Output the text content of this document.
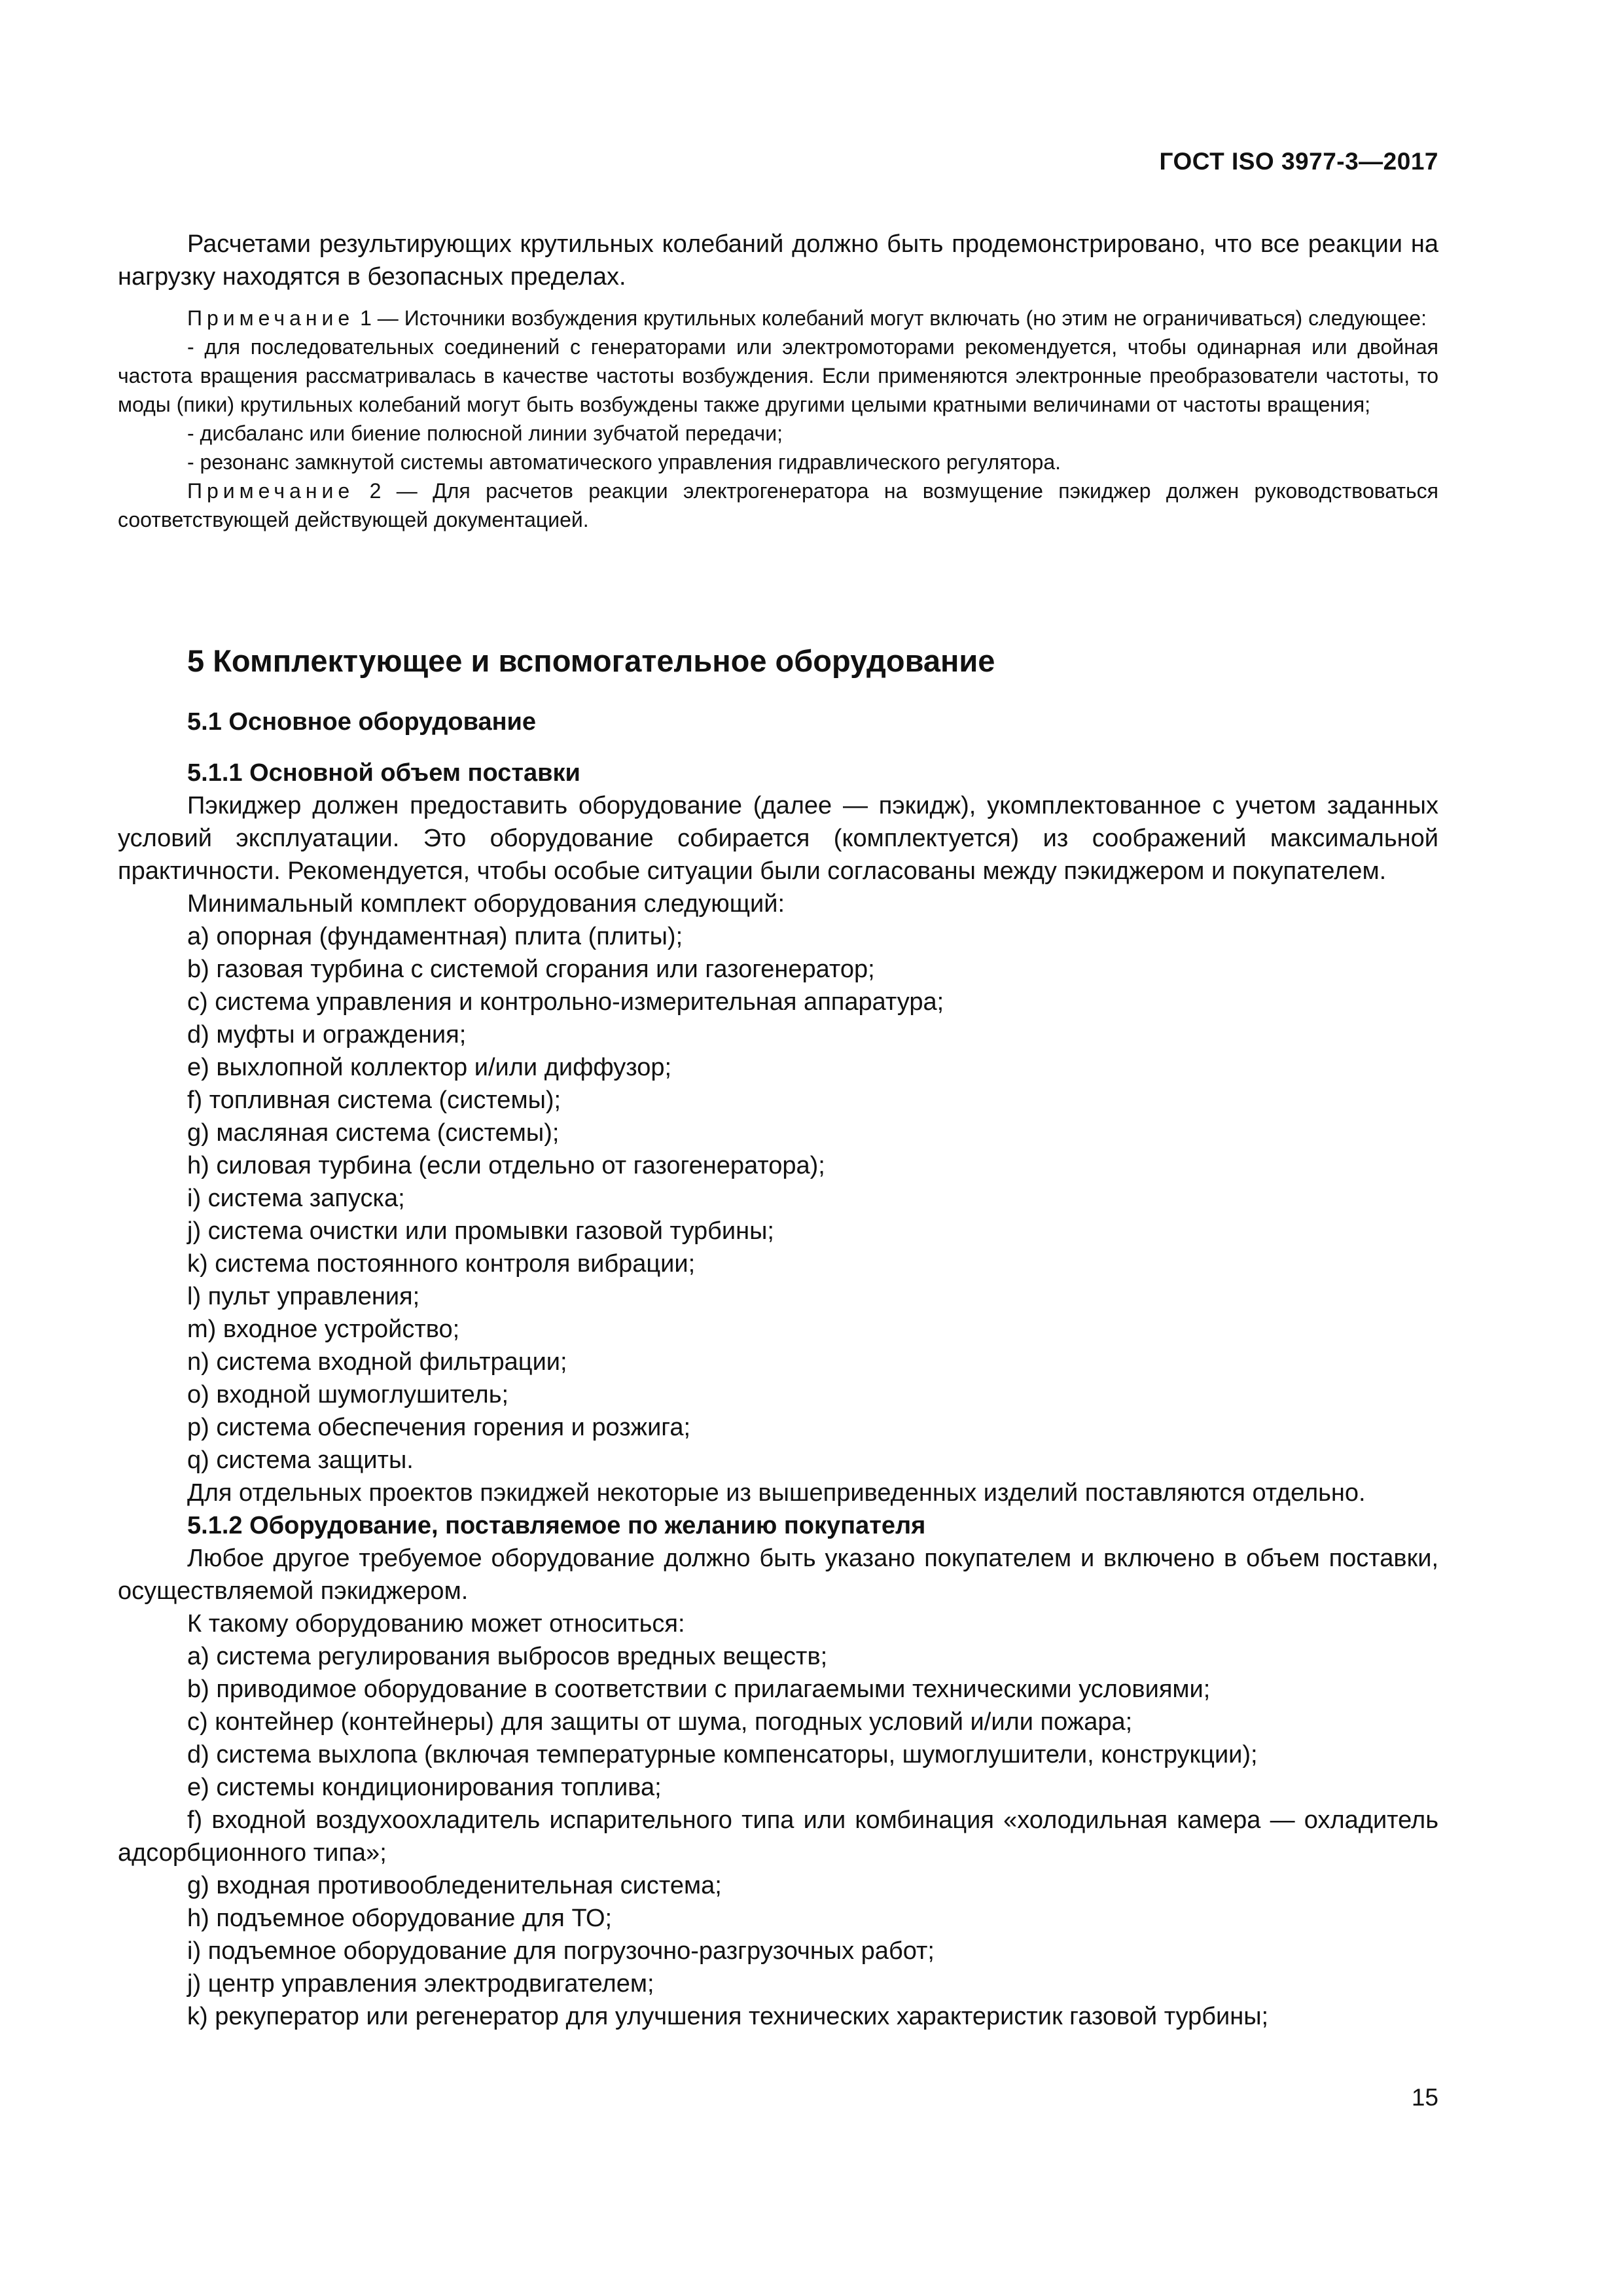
ГОСТ ISO 3977-3—2017
Расчетами результирующих крутильных колебаний должно быть продемонстрировано, что все реакции на нагрузку находятся в безопасных пределах.

Примечание 1 — Источники возбуждения крутильных колебаний могут включать (но этим не ограничиваться) следующее:

- для последовательных соединений с генераторами или электромоторами рекомендуется, чтобы одинарная или двойная частота вращения рассматривалась в качестве частоты возбуждения. Если применяются электронные преобразователи частоты, то моды (пики) крутильных колебаний могут быть возбуждены также другими целыми кратными величинами от частоты вращения;

- дисбаланс или биение полюсной линии зубчатой передачи;

- резонанс замкнутой системы автоматического управления гидравлического регулятора.

Примечание 2 — Для расчетов реакции электрогенератора на возмущение пэкиджер должен руководствоваться соответствующей действующей документацией.

5 Комплектующее и вспомогательное оборудование
5.1 Основное оборудование
5.1.1 Основной объем поставки

Пэкиджер должен предоставить оборудование (далее — пэкидж), укомплектованное с учетом заданных условий эксплуатации. Это оборудование собирается (комплектуется) из соображений максимальной практичности. Рекомендуется, чтобы особые ситуации были согласованы между пэкиджером и покупателем.

Минимальный комплект оборудования следующий:

a) опорная (фундаментная) плита (плиты);
b) газовая турбина с системой сгорания или газогенератор;
c) система управления и контрольно-измерительная аппаратура;
d) муфты и ограждения;
e) выхлопной коллектор и/или диффузор;
f) топливная система (системы);
g) масляная система (системы);
h) силовая турбина (если отдельно от газогенератора);
i) система запуска;
j) система очистки или промывки газовой турбины;
k) система постоянного контроля вибрации;
l) пульт управления;
m) входное устройство;
n) система входной фильтрации;
o) входной шумоглушитель;
p) система обеспечения горения и розжига;
q) система защиты.

Для отдельных проектов пэкиджей некоторые из вышеприведенных изделий поставляются отдельно.

5.1.2 Оборудование, поставляемое по желанию покупателя

Любое другое требуемое оборудование должно быть указано покупателем и включено в объем поставки, осуществляемой пэкиджером.

К такому оборудованию может относиться:

a) система регулирования выбросов вредных веществ;
b) приводимое оборудование в соответствии с прилагаемыми техническими условиями;
c) контейнер (контейнеры) для защиты от шума, погодных условий и/или пожара;
d) система выхлопа (включая температурные компенсаторы, шумоглушители, конструкции);
e) системы кондиционирования топлива;
f) входной воздухоохладитель испарительного типа или комбинация «холодильная камера — охладитель адсорбционного типа»;
g) входная противообледенительная система;
h) подъемное оборудование для ТО;
i) подъемное оборудование для погрузочно-разгрузочных работ;
j) центр управления электродвигателем;
k) рекуператор или регенератор для улучшения технических характеристик газовой турбины;
15
